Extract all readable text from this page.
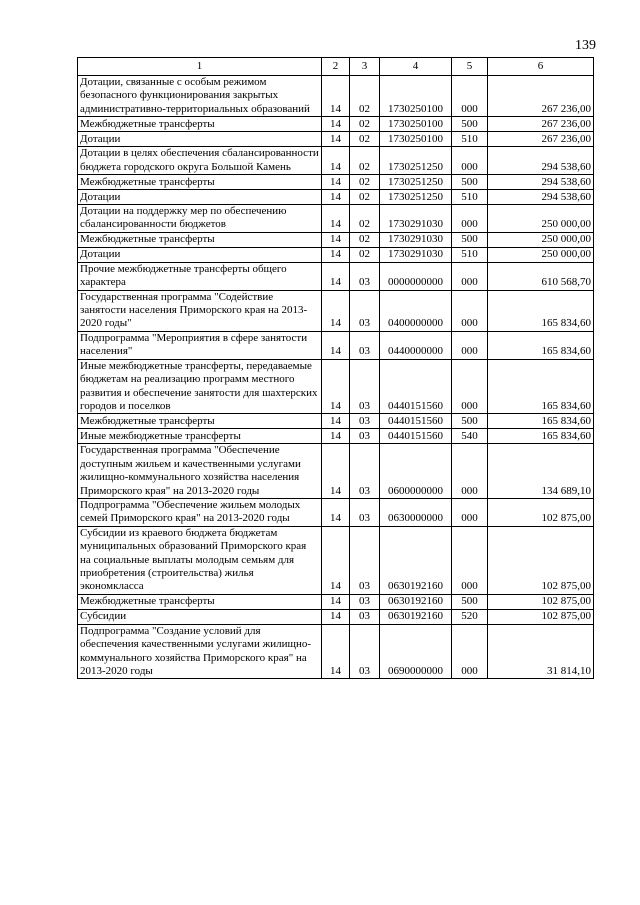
139
1	2	3	4	5	6
Дотации, связанные с особым режимом безопасного функционирования закрытых административно-территориальных образований	14	02	1730250100	000	267 236,00
Межбюджетные трансферты	14	02	1730250100	500	267 236,00
Дотации	14	02	1730250100	510	267 236,00
Дотации в целях обеспечения сбалансированности бюджета городского округа Большой Камень	14	02	1730251250	000	294 538,60
Межбюджетные трансферты	14	02	1730251250	500	294 538,60
Дотации	14	02	1730251250	510	294 538,60
Дотации на поддержку мер по обеспечению сбалансированности бюджетов	14	02	1730291030	000	250 000,00
Межбюджетные трансферты	14	02	1730291030	500	250 000,00
Дотации	14	02	1730291030	510	250 000,00
Прочие межбюджетные трансферты общего характера	14	03	0000000000	000	610 568,70
Государственная программа "Содействие занятости населения Приморского края на 2013-2020 годы"	14	03	0400000000	000	165 834,60
Подпрограмма "Мероприятия в сфере занятости населения"	14	03	0440000000	000	165 834,60
Иные межбюджетные трансферты, передаваемые бюджетам на реализацию программ местного развития и обеспечение занятости для шахтерских городов и поселков	14	03	0440151560	000	165 834,60
Межбюджетные трансферты	14	03	0440151560	500	165 834,60
Иные межбюджетные трансферты	14	03	0440151560	540	165 834,60
Государственная программа "Обеспечение доступным жильем и качественными услугами жилищно-коммунального хозяйства населения Приморского края" на 2013-2020 годы	14	03	0600000000	000	134 689,10
Подпрограмма "Обеспечение жильем молодых семей Приморского края" на 2013-2020 годы	14	03	0630000000	000	102 875,00
Субсидии из краевого бюджета бюджетам муниципальных образований Приморского края на социальные выплаты молодым семьям для приобретения (строительства) жилья экономкласса	14	03	0630192160	000	102 875,00
Межбюджетные трансферты	14	03	0630192160	500	102 875,00
Субсидии	14	03	0630192160	520	102 875,00
Подпрограмма "Создание условий для обеспечения качественными услугами жилищно-коммунального хозяйства Приморского края" на 2013-2020 годы	14	03	0690000000	000	31 814,10
